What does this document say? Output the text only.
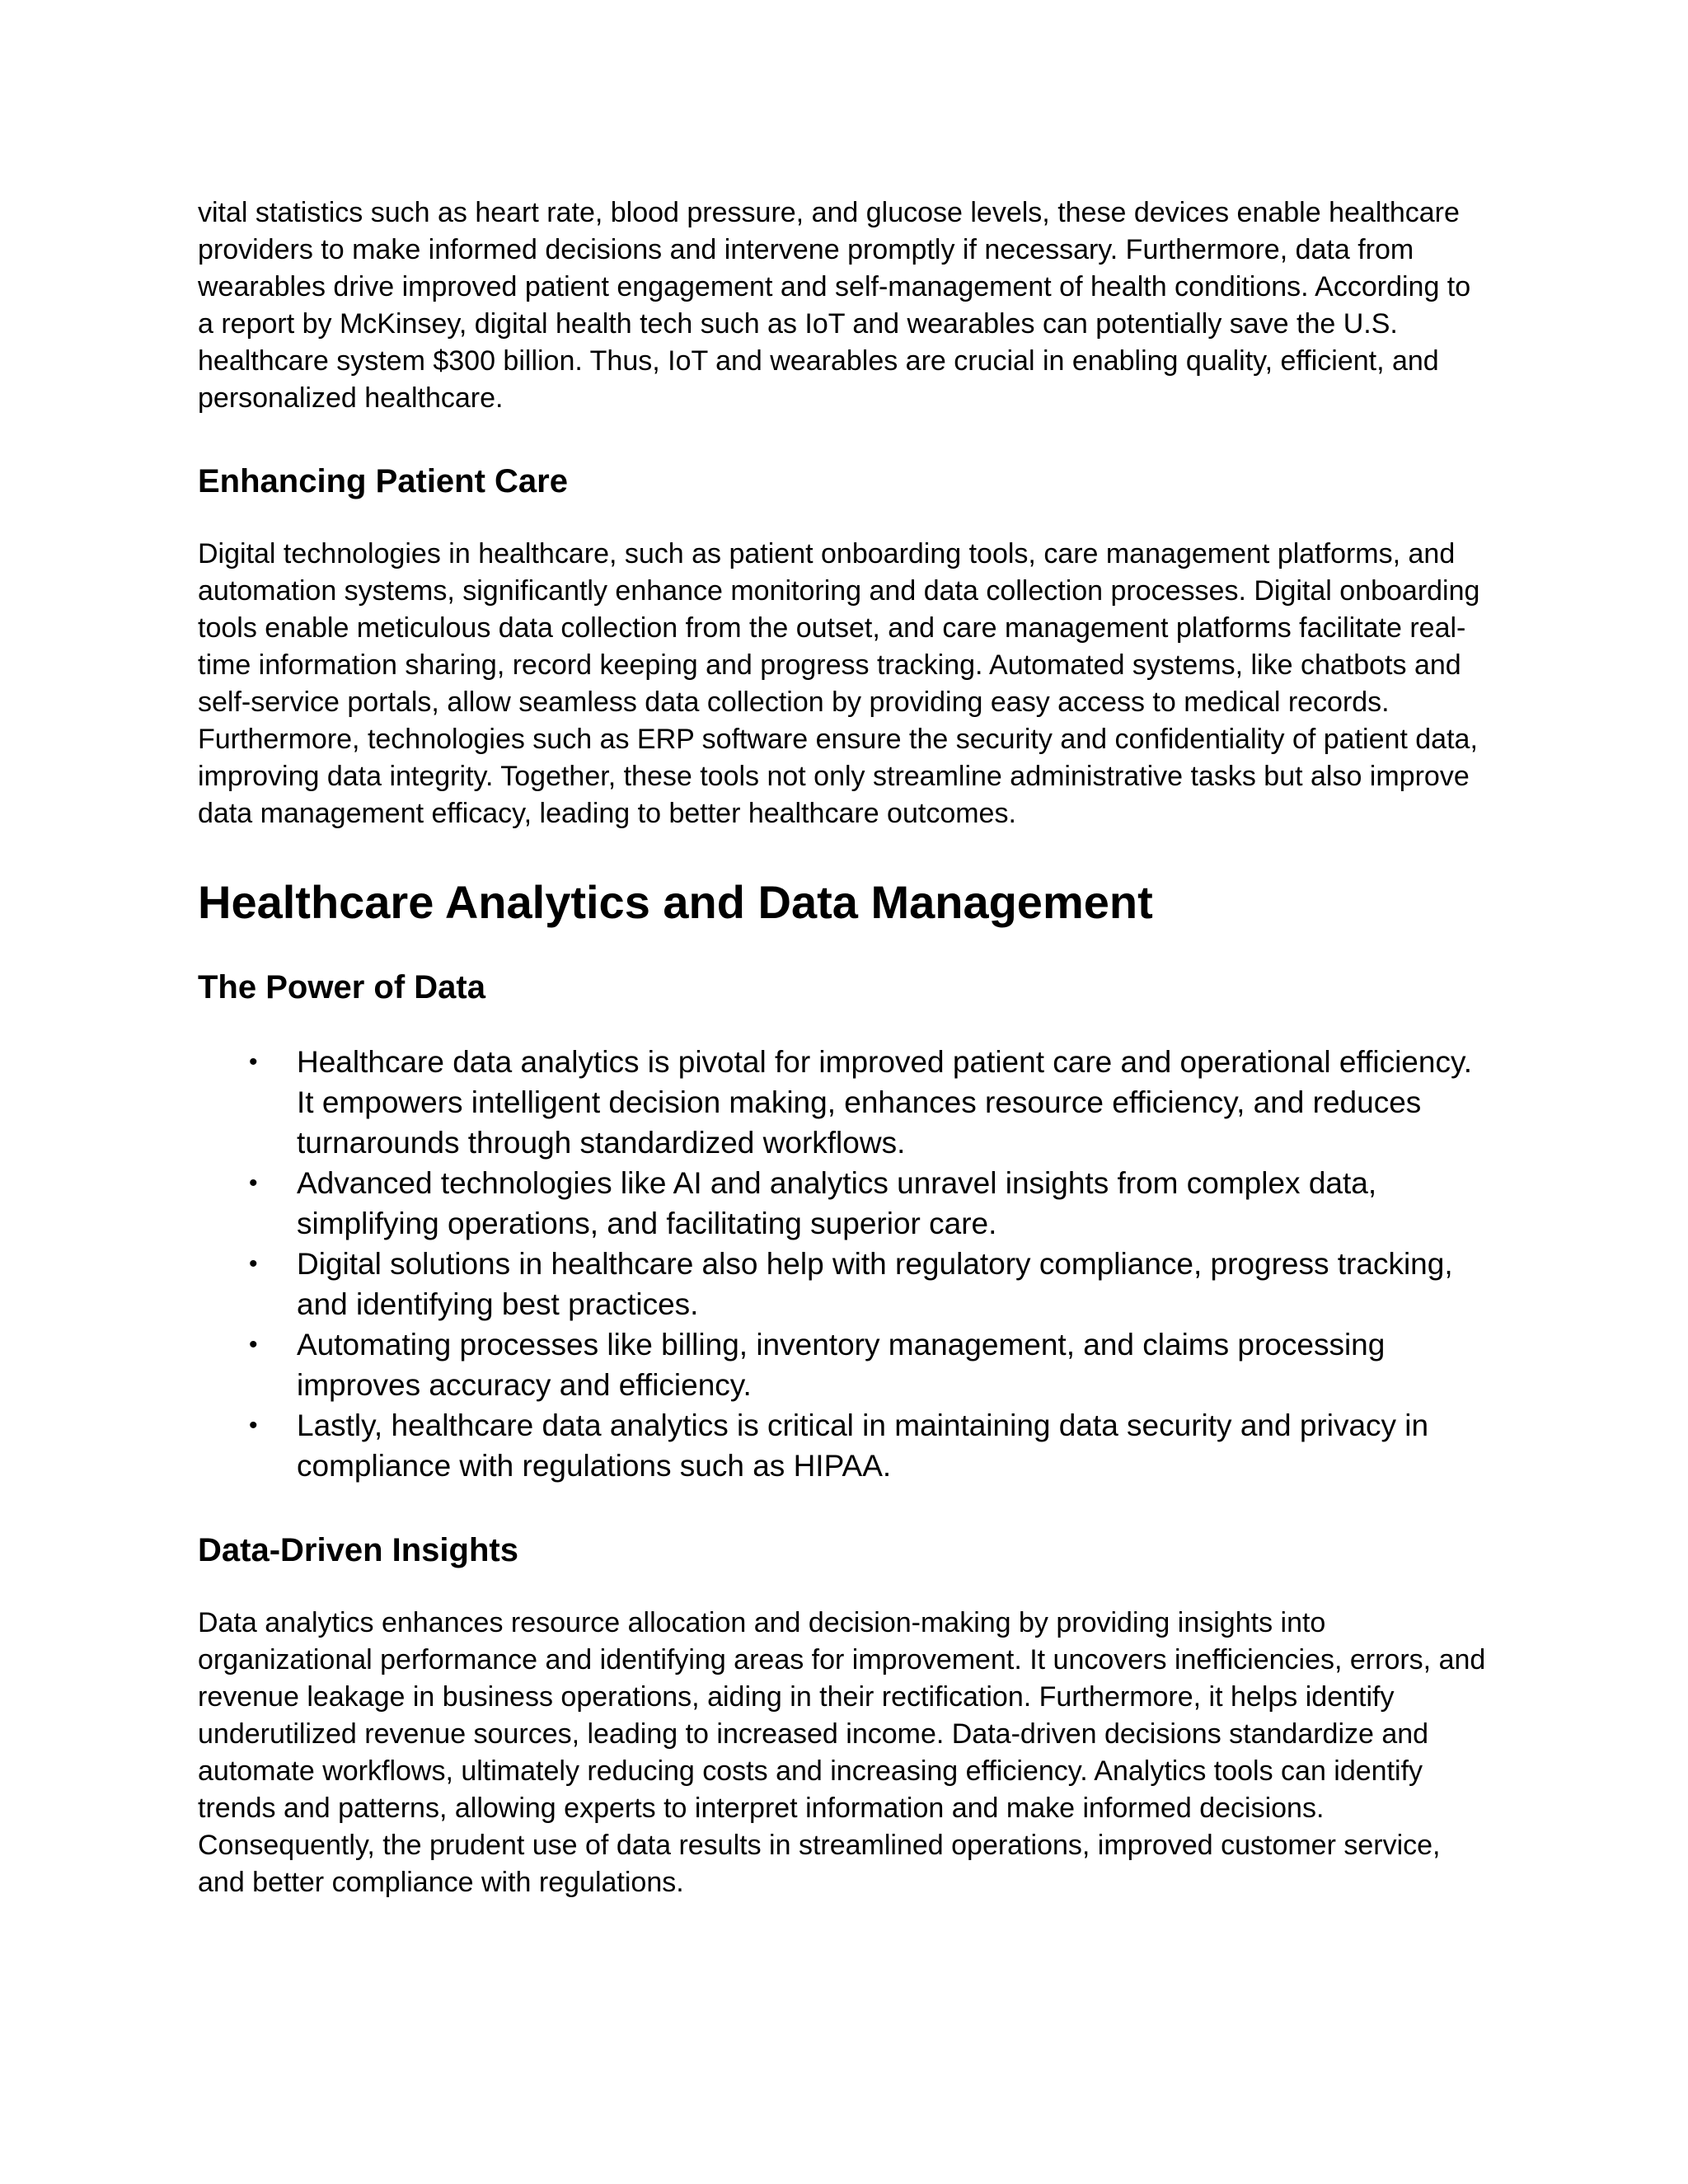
vital statistics such as heart rate, blood pressure, and glucose levels, these devices enable healthcare providers to make informed decisions and intervene promptly if necessary. Furthermore, data from wearables drive improved patient engagement and self-management of health conditions. According to a report by McKinsey, digital health tech such as IoT and wearables can potentially save the U.S. healthcare system $300 billion. Thus, IoT and wearables are crucial in enabling quality, efficient, and personalized healthcare.

Enhancing Patient Care

Digital technologies in healthcare, such as patient onboarding tools, care management platforms, and automation systems, significantly enhance monitoring and data collection processes. Digital onboarding tools enable meticulous data collection from the outset, and care management platforms facilitate real-time information sharing, record keeping and progress tracking. Automated systems, like chatbots and self-service portals, allow seamless data collection by providing easy access to medical records. Furthermore, technologies such as ERP software ensure the security and confidentiality of patient data, improving data integrity. Together, these tools not only streamline administrative tasks but also improve data management efficacy, leading to better healthcare outcomes.

Healthcare Analytics and Data Management
The Power of Data
• Healthcare data analytics is pivotal for improved patient care and operational efficiency. It empowers intelligent decision making, enhances resource efficiency, and reduces turnarounds through standardized workflows.
• Advanced technologies like AI and analytics unravel insights from complex data, simplifying operations, and facilitating superior care.
• Digital solutions in healthcare also help with regulatory compliance, progress tracking, and identifying best practices.
• Automating processes like billing, inventory management, and claims processing improves accuracy and efficiency.
• Lastly, healthcare data analytics is critical in maintaining data security and privacy in compliance with regulations such as HIPAA.
Data-Driven Insights

Data analytics enhances resource allocation and decision-making by providing insights into organizational performance and identifying areas for improvement. It uncovers inefficiencies, errors, and revenue leakage in business operations, aiding in their rectification. Furthermore, it helps identify underutilized revenue sources, leading to increased income. Data-driven decisions standardize and automate workflows, ultimately reducing costs and increasing efficiency. Analytics tools can identify trends and patterns, allowing experts to interpret information and make informed decisions. Consequently, the prudent use of data results in streamlined operations, improved customer service, and better compliance with regulations.
